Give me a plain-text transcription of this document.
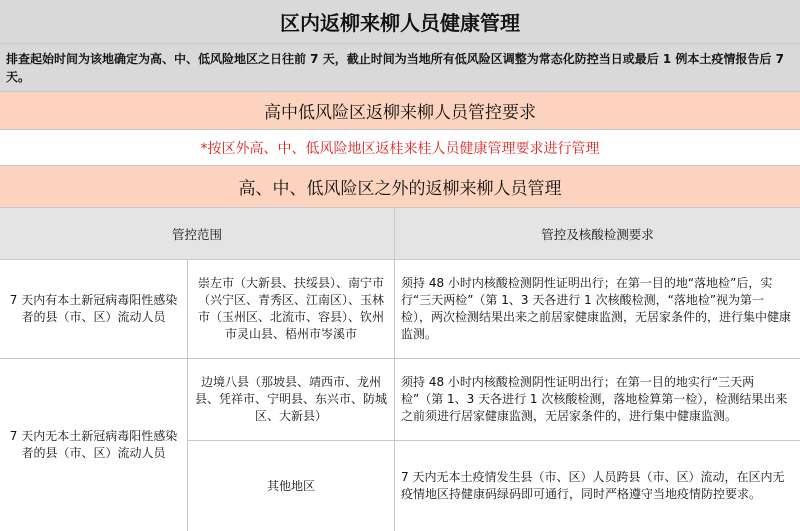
区内返柳来柳人员健康管理
排查起始时间为该地确定为高、中、低风险地区之日往前 7 天，截止时间为当地所有低风险区调整为常态化防控当日或最后 1 例本土疫情报告后 7 天。
高中低风险区返柳来柳人员管控要求
*按区外高、中、低风险地区返桂来桂人员健康管理要求进行管理
高、中、低风险区之外的返柳来柳人员管理
管控范围	管控及核酸检测要求
7 天内有本土新冠病毒阳性感染者的县（市、区）流动人员
崇左市（大新县、扶绥县）、南宁市（兴宁区、青秀区、江南区）、玉林市（玉州区、北流市、容县）、钦州市灵山县、梧州市岑溪市
须持 48 小时内核酸检测阴性证明出行；在第一目的地“落地检”后，实行“三天两检”（第 1、3 天各进行 1 次核酸检测，“落地检”视为第一检），两次检测结果出来之前居家健康监测，无居家条件的，进行集中健康监测。
7 天内无本土新冠病毒阳性感染者的县（市、区）流动人员
边境八县（那坡县、靖西市、龙州县、凭祥市、宁明县、东兴市、防城区、大新县）
须持 48 小时内核酸检测阴性证明出行；在第一目的地实行“三天两检”（第 1、3 天各进行 1 次核酸检测，落地检算第一检），检测结果出来之前须进行居家健康监测，无居家条件的，进行集中健康监测。
其他地区
7 天内无本土疫情发生县（市、区）人员跨县（市、区）流动，在区内无疫情地区持健康码绿码即可通行，同时严格遵守当地疫情防控要求。
